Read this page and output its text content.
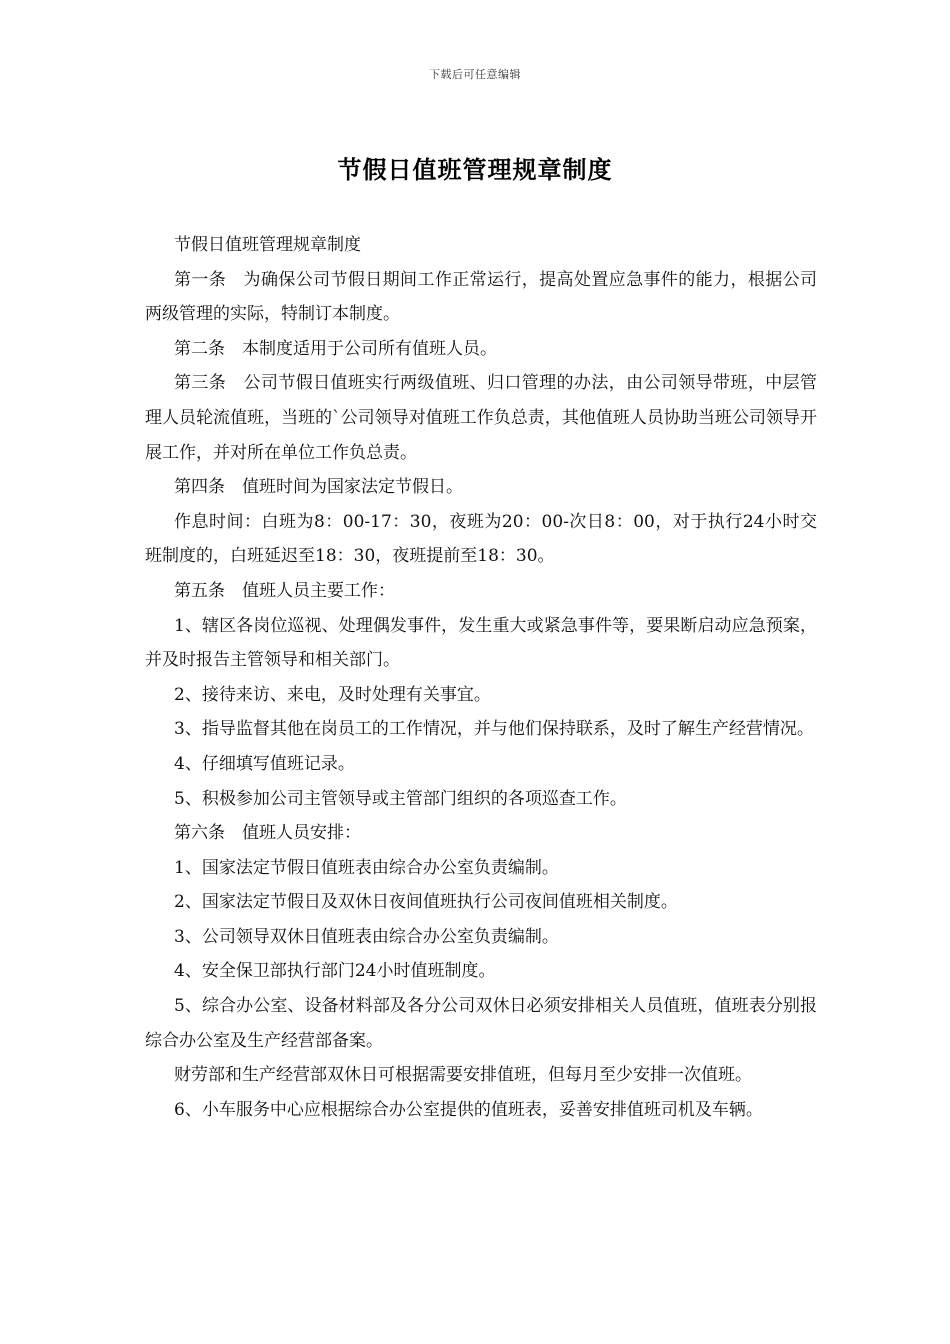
下载后可任意编辑
节假日值班管理规章制度

节假日值班管理规章制度

第一条　为确保公司节假日期间工作正常运行，提高处置应急事件的能力，根据公司两级管理的实际，特制订本制度。

第二条　本制度适用于公司所有值班人员。

第三条　公司节假日值班实行两级值班、归口管理的办法，由公司领导带班，中层管理人员轮流值班，当班的`公司领导对值班工作负总责，其他值班人员协助当班公司领导开展工作，并对所在单位工作负总责。

第四条　值班时间为国家法定节假日。

作息时间：白班为8：00-17：30，夜班为20：00-次日8：00，对于执行24小时交班制度的，白班延迟至18：30，夜班提前至18：30。

第五条　值班人员主要工作：

1、辖区各岗位巡视、处理偶发事件，发生重大或紧急事件等，要果断启动应急预案，并及时报告主管领导和相关部门。

2、接待来访、来电，及时处理有关事宜。

3、指导监督其他在岗员工的工作情况，并与他们保持联系，及时了解生产经营情况。

4、仔细填写值班记录。

5、积极参加公司主管领导或主管部门组织的各项巡查工作。

第六条　值班人员安排：

1、国家法定节假日值班表由综合办公室负责编制。

2、国家法定节假日及双休日夜间值班执行公司夜间值班相关制度。

3、公司领导双休日值班表由综合办公室负责编制。

4、安全保卫部执行部门24小时值班制度。

5、综合办公室、设备材料部及各分公司双休日必须安排相关人员值班，值班表分别报综合办公室及生产经营部备案。

财劳部和生产经营部双休日可根据需要安排值班，但每月至少安排一次值班。

6、小车服务中心应根据综合办公室提供的值班表，妥善安排值班司机及车辆。
